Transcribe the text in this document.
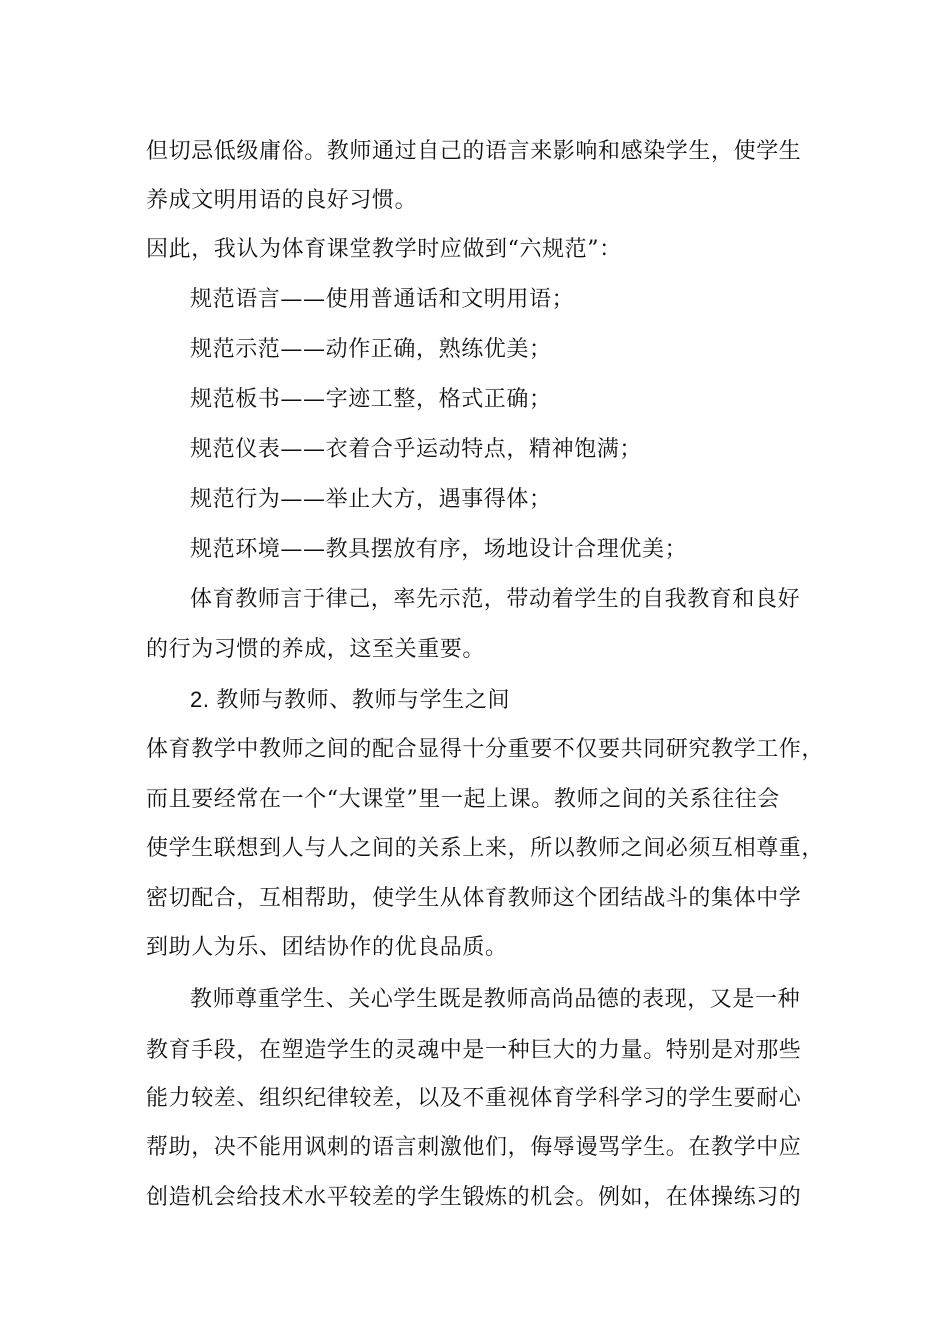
但切忌低级庸俗。教师通过自己的语言来影响和感染学生，使学生
养成文明用语的良好习惯。
因此，我认为体育课堂教学时应做到“六规范”：
规范语言——使用普通话和文明用语；
规范示范——动作正确，熟练优美；
规范板书——字迹工整，格式正确；
规范仪表——衣着合乎运动特点，精神饱满；
规范行为——举止大方，遇事得体；
规范环境——教具摆放有序，场地设计合理优美；
体育教师言于律己，率先示范，带动着学生的自我教育和良好
的行为习惯的养成，这至关重要。
2. 教师与教师、教师与学生之间
体育教学中教师之间的配合显得十分重要不仅要共同研究教学工作，
而且要经常在一个“大课堂”里一起上课。教师之间的关系往往会
使学生联想到人与人之间的关系上来，所以教师之间必须互相尊重，
密切配合，互相帮助，使学生从体育教师这个团结战斗的集体中学
到助人为乐、团结协作的优良品质。
教师尊重学生、关心学生既是教师高尚品德的表现，又是一种
教育手段，在塑造学生的灵魂中是一种巨大的力量。特别是对那些
能力较差、组织纪律较差，以及不重视体育学科学习的学生要耐心
帮助，决不能用讽刺的语言刺激他们，侮辱谩骂学生。在教学中应
创造机会给技术水平较差的学生锻炼的机会。例如，在体操练习的
